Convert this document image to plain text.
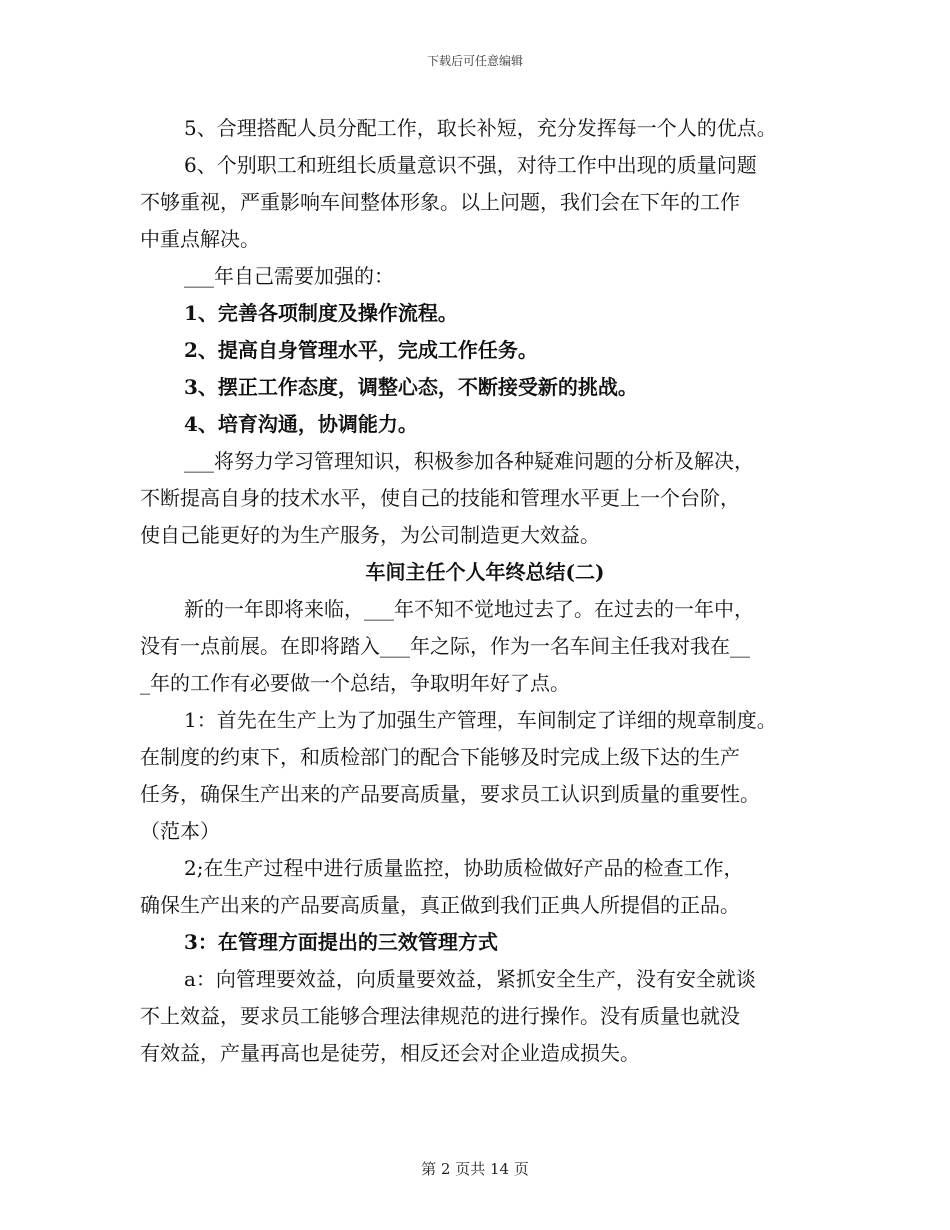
下载后可任意编辑

5、合理搭配人员分配工作，取长补短，充分发挥每一个人的优点。

6、个别职工和班组长质量意识不强，对待工作中出现的质量问题
不够重视，严重影响车间整体形象。以上问题，我们会在下年的工作
中重点解决。

___年自己需要加强的：

1、完善各项制度及操作流程。

2、提高自身管理水平，完成工作任务。

3、摆正工作态度，调整心态，不断接受新的挑战。

4、培育沟通，协调能力。

___将努力学习管理知识，积极参加各种疑难问题的分析及解决，
不断提高自身的技术水平，使自己的技能和管理水平更上一个台阶，
使自己能更好的为生产服务，为公司制造更大效益。

车间主任个人年终总结(二)

新的一年即将来临，___年不知不觉地过去了。在过去的一年中，
没有一点前展。在即将踏入___年之际，作为一名车间主任我对我在__
_年的工作有必要做一个总结，争取明年好了点。

1：首先在生产上为了加强生产管理，车间制定了详细的规章制度。
在制度的约束下，和质检部门的配合下能够及时完成上级下达的生产
任务，确保生产出来的产品要高质量，要求员工认识到质量的重要性。
（范本）

2;在生产过程中进行质量监控，协助质检做好产品的检查工作，
确保生产出来的产品要高质量，真正做到我们正典人所提倡的正品。

3：在管理方面提出的三效管理方式

a：向管理要效益，向质量要效益，紧抓安全生产，没有安全就谈
不上效益，要求员工能够合理法律规范的进行操作。没有质量也就没
有效益，产量再高也是徒劳，相反还会对企业造成损失。

第 2 页共 14 页
